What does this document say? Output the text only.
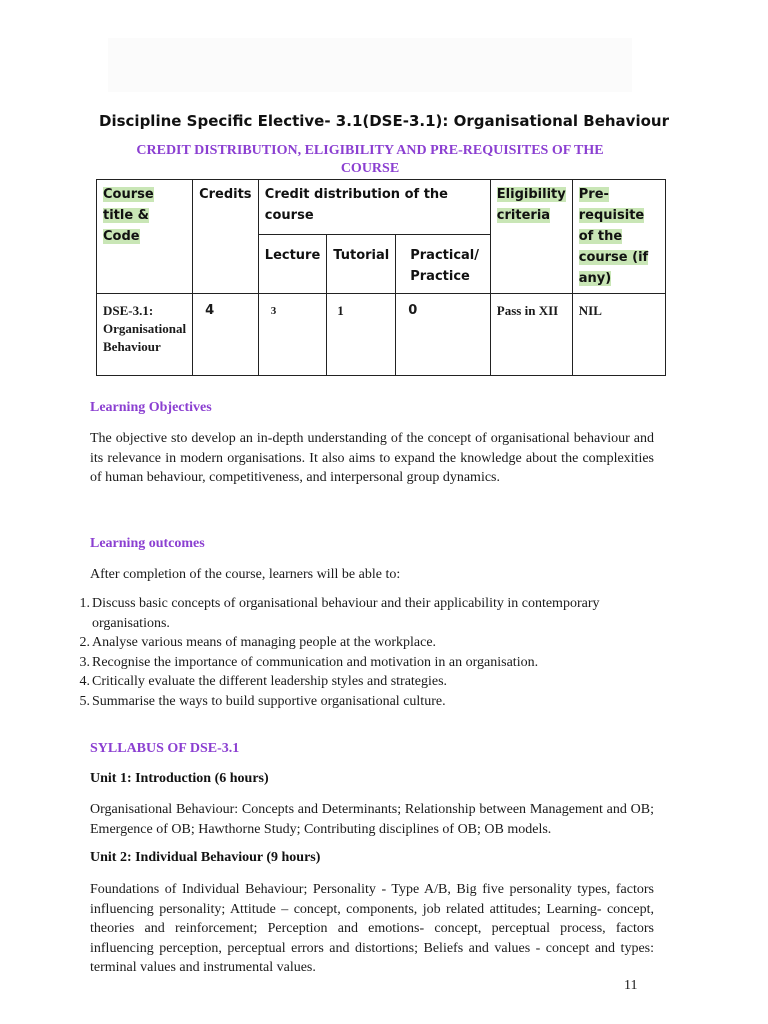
Discipline Specific Elective- 3.1(DSE-3.1): Organisational Behaviour
CREDIT DISTRIBUTION, ELIGIBILITY AND PRE-REQUISITES OF THE COURSE
Course title & Code	Credits	Credit distribution of the course			Eligibility criteria	Pre-requisite of the course (if any)
		Lecture	Tutorial	Practical/ Practice		
DSE-3.1: Organisational Behaviour	4	3	1	0	Pass in XII	NIL
Learning Objectives

The objective sto develop an in-depth understanding of the concept of organisational behaviour and its relevance in modern organisations. It also aims to expand the knowledge about the complexities of human behaviour, competitiveness, and interpersonal group dynamics.

Learning outcomes

After completion of the course, learners will be able to:

1. Discuss basic concepts of organisational behaviour and their applicability in contemporary organisations.
2. Analyse various means of managing people at the workplace.
3. Recognise the importance of communication and motivation in an organisation.
4. Critically evaluate the different leadership styles and strategies.
5. Summarise the ways to build supportive organisational culture.
SYLLABUS OF DSE-3.1
Unit 1: Introduction (6 hours)

Organisational Behaviour: Concepts and Determinants; Relationship between Management and OB; Emergence of OB; Hawthorne Study; Contributing disciplines of OB; OB models.

Unit 2: Individual Behaviour (9 hours)

Foundations of Individual Behaviour; Personality - Type A/B, Big five personality types, factors influencing personality; Attitude – concept, components, job related attitudes; Learning- concept, theories and reinforcement; Perception and emotions- concept, perceptual process, factors influencing perception, perceptual errors and distortions; Beliefs and values - concept and types: terminal values and instrumental values.

11
